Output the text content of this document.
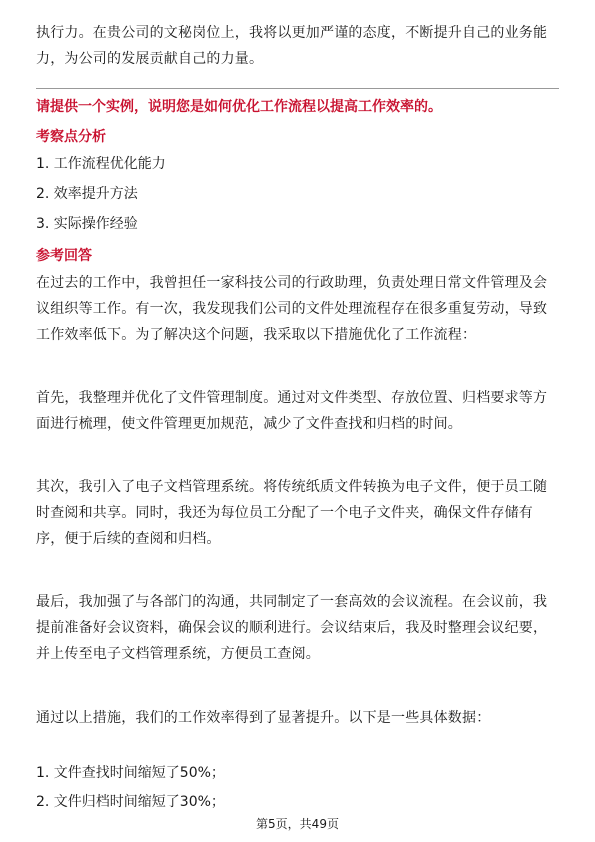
执行力。在贵公司的文秘岗位上，我将以更加严谨的态度，不断提升自己的业务能力，为公司的发展贡献自己的力量。

请提供一个实例，说明您是如何优化工作流程以提高工作效率的。
考察点分析
1. 工作流程优化能力
2. 效率提升方法
3. 实际操作经验
参考回答

在过去的工作中，我曾担任一家科技公司的行政助理，负责处理日常文件管理及会议组织等工作。有一次，我发现我们公司的文件处理流程存在很多重复劳动，导致工作效率低下。为了解决这个问题，我采取以下措施优化了工作流程：

首先，我整理并优化了文件管理制度。通过对文件类型、存放位置、归档要求等方面进行梳理，使文件管理更加规范，减少了文件查找和归档的时间。

其次，我引入了电子文档管理系统。将传统纸质文件转换为电子文件，便于员工随时查阅和共享。同时，我还为每位员工分配了一个电子文件夹，确保文件存储有序，便于后续的查阅和归档。

最后，我加强了与各部门的沟通，共同制定了一套高效的会议流程。在会议前，我提前准备好会议资料，确保会议的顺利进行。会议结束后，我及时整理会议纪要，并上传至电子文档管理系统，方便员工查阅。

通过以上措施，我们的工作效率得到了显著提升。以下是一些具体数据：

1. 文件查找时间缩短了50%；
2. 文件归档时间缩短了30%；
第5页，共49页
